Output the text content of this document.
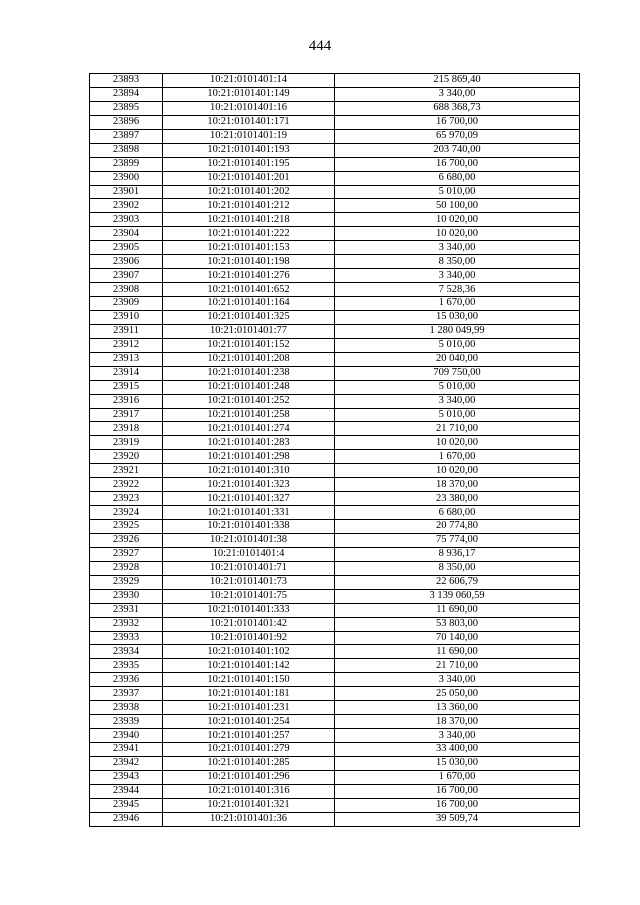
444
23893	10:21:0101401:14	215 869,40
23894	10:21:0101401:149	3 340,00
23895	10:21:0101401:16	688 368,73
23896	10:21:0101401:171	16 700,00
23897	10:21:0101401:19	65 970,09
23898	10:21:0101401:193	203 740,00
23899	10:21:0101401:195	16 700,00
23900	10:21:0101401:201	6 680,00
23901	10:21:0101401:202	5 010,00
23902	10:21:0101401:212	50 100,00
23903	10:21:0101401:218	10 020,00
23904	10:21:0101401:222	10 020,00
23905	10:21:0101401:153	3 340,00
23906	10:21:0101401:198	8 350,00
23907	10:21:0101401:276	3 340,00
23908	10:21:0101401:652	7 528,36
23909	10:21:0101401:164	1 670,00
23910	10:21:0101401:325	15 030,00
23911	10:21:0101401:77	1 280 049,99
23912	10:21:0101401:152	5 010,00
23913	10:21:0101401:208	20 040,00
23914	10:21:0101401:238	709 750,00
23915	10:21:0101401:248	5 010,00
23916	10:21:0101401:252	3 340,00
23917	10:21:0101401:258	5 010,00
23918	10:21:0101401:274	21 710,00
23919	10:21:0101401:283	10 020,00
23920	10:21:0101401:298	1 670,00
23921	10:21:0101401:310	10 020,00
23922	10:21:0101401:323	18 370,00
23923	10:21:0101401:327	23 380,00
23924	10:21:0101401:331	6 680,00
23925	10:21:0101401:338	20 774,80
23926	10:21:0101401:38	75 774,00
23927	10:21:0101401:4	8 936,17
23928	10:21:0101401:71	8 350,00
23929	10:21:0101401:73	22 606,79
23930	10:21:0101401:75	3 139 060,59
23931	10:21:0101401:333	11 690,00
23932	10:21:0101401:42	53 803,00
23933	10:21:0101401:92	70 140,00
23934	10:21:0101401:102	11 690,00
23935	10:21:0101401:142	21 710,00
23936	10:21:0101401:150	3 340,00
23937	10:21:0101401:181	25 050,00
23938	10:21:0101401:231	13 360,00
23939	10:21:0101401:254	18 370,00
23940	10:21:0101401:257	3 340,00
23941	10:21:0101401:279	33 400,00
23942	10:21:0101401:285	15 030,00
23943	10:21:0101401:296	1 670,00
23944	10:21:0101401:316	16 700,00
23945	10:21:0101401:321	16 700,00
23946	10:21:0101401:36	39 509,74
